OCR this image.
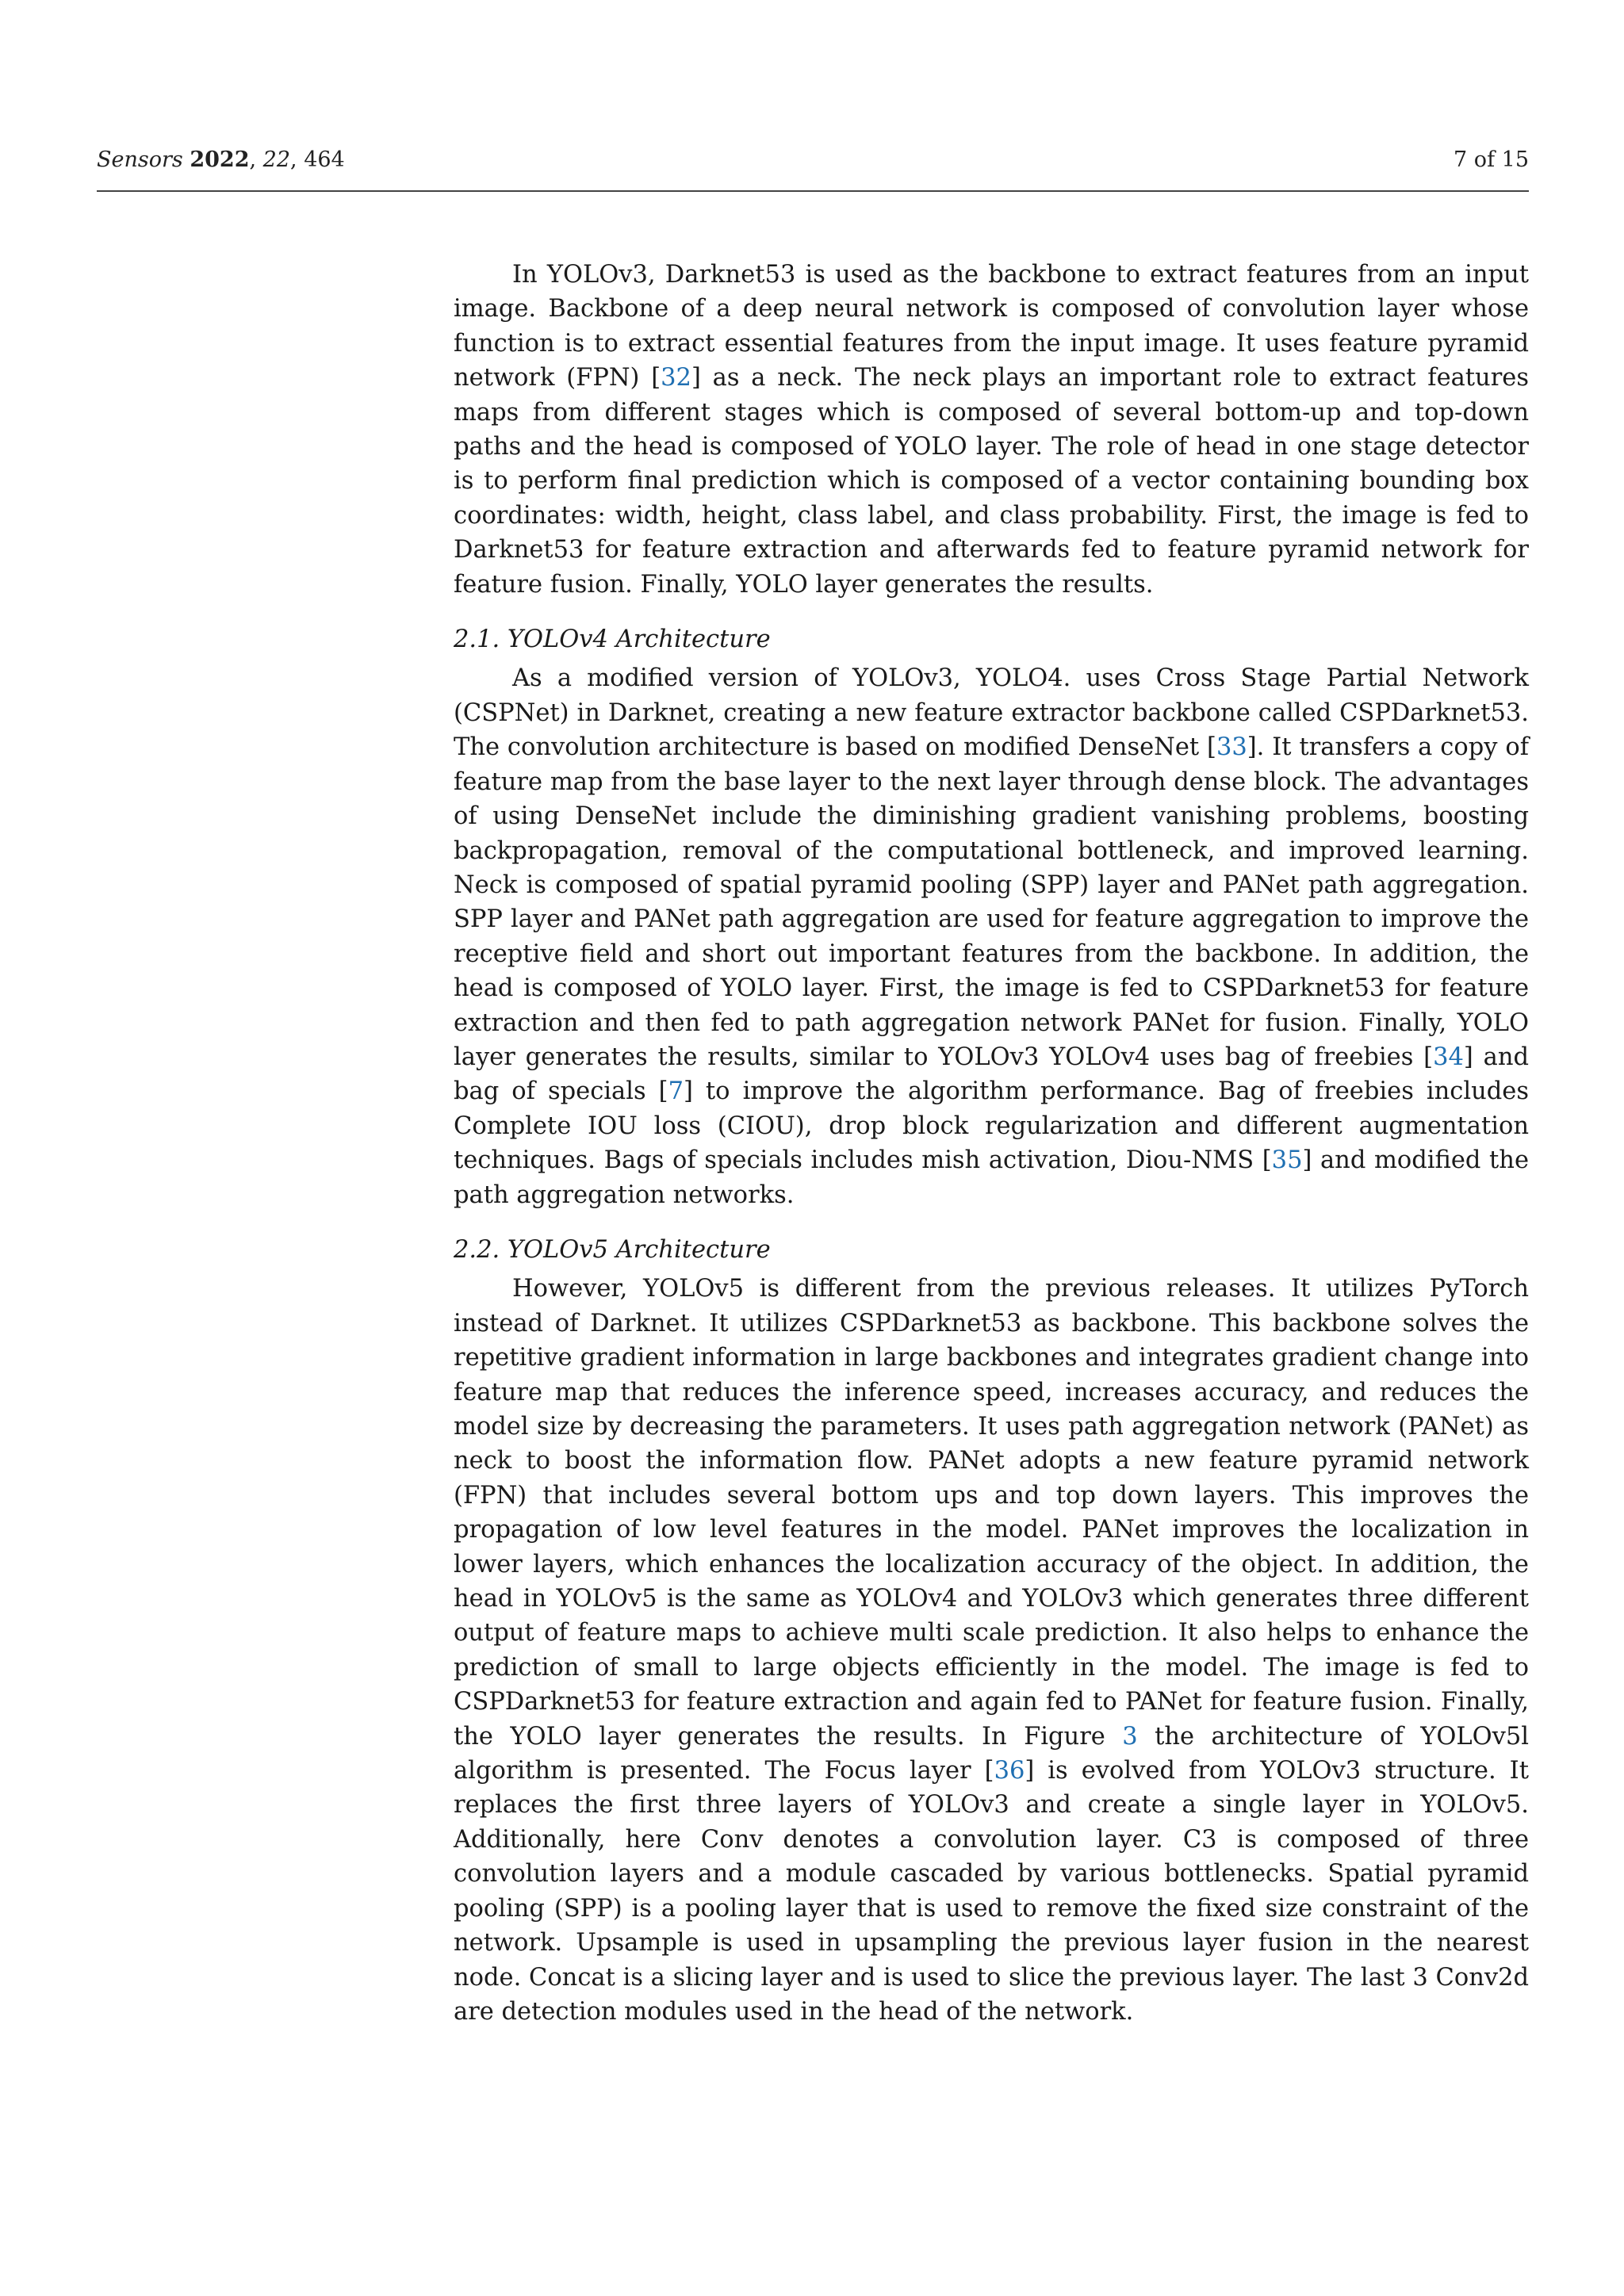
Sensors 2022, 22, 464	7 of 15

In YOLOv3, Darknet53 is used as the backbone to extract features from an input image. Backbone of a deep neural network is composed of convolution layer whose function is to extract essential features from the input image. It uses feature pyramid network (FPN) [32] as a neck. The neck plays an important role to extract features maps from different stages which is composed of several bottom-up and top-down paths and the head is composed of YOLO layer. The role of head in one stage detector is to perform final prediction which is composed of a vector containing bounding box coordinates: width, height, class label, and class probability. First, the image is fed to Darknet53 for feature extraction and afterwards fed to feature pyramid network for feature fusion. Finally, YOLO layer generates the results.

2.1. YOLOv4 Architecture

As a modified version of YOLOv3, YOLO4. uses Cross Stage Partial Network (CSPNet) in Darknet, creating a new feature extractor backbone called CSPDarknet53. The convolution architecture is based on modified DenseNet [33]. It transfers a copy of feature map from the base layer to the next layer through dense block. The advantages of using DenseNet include the diminishing gradient vanishing problems, boosting backpropagation, removal of the computational bottleneck, and improved learning. Neck is composed of spatial pyramid pooling (SPP) layer and PANet path aggregation. SPP layer and PANet path aggregation are used for feature aggregation to improve the receptive field and short out important features from the backbone. In addition, the head is composed of YOLO layer. First, the image is fed to CSPDarknet53 for feature extraction and then fed to path aggregation network PANet for fusion. Finally, YOLO layer generates the results, similar to YOLOv3 YOLOv4 uses bag of freebies [34] and bag of specials [7] to improve the algorithm performance. Bag of freebies includes Complete IOU loss (CIOU), drop block regularization and different augmentation techniques. Bags of specials includes mish activation, Diou-NMS [35] and modified the path aggregation networks.

2.2. YOLOv5 Architecture

However, YOLOv5 is different from the previous releases. It utilizes PyTorch instead of Darknet. It utilizes CSPDarknet53 as backbone. This backbone solves the repetitive gradient information in large backbones and integrates gradient change into feature map that reduces the inference speed, increases accuracy, and reduces the model size by decreasing the parameters. It uses path aggregation network (PANet) as neck to boost the information flow. PANet adopts a new feature pyramid network (FPN) that includes several bottom ups and top down layers. This improves the propagation of low level features in the model. PANet improves the localization in lower layers, which enhances the localization accuracy of the object. In addition, the head in YOLOv5 is the same as YOLOv4 and YOLOv3 which generates three different output of feature maps to achieve multi scale prediction. It also helps to enhance the prediction of small to large objects efficiently in the model. The image is fed to CSPDarknet53 for feature extraction and again fed to PANet for feature fusion. Finally, the YOLO layer generates the results. In Figure 3 the architecture of YOLOv5l algorithm is presented. The Focus layer [36] is evolved from YOLOv3 structure. It replaces the first three layers of YOLOv3 and create a single layer in YOLOv5. Additionally, here Conv denotes a convolution layer. C3 is composed of three convolution layers and a module cascaded by various bottlenecks. Spatial pyramid pooling (SPP) is a pooling layer that is used to remove the fixed size constraint of the network. Upsample is used in upsampling the previous layer fusion in the nearest node. Concat is a slicing layer and is used to slice the previous layer. The last 3 Conv2d are detection modules used in the head of the network.
